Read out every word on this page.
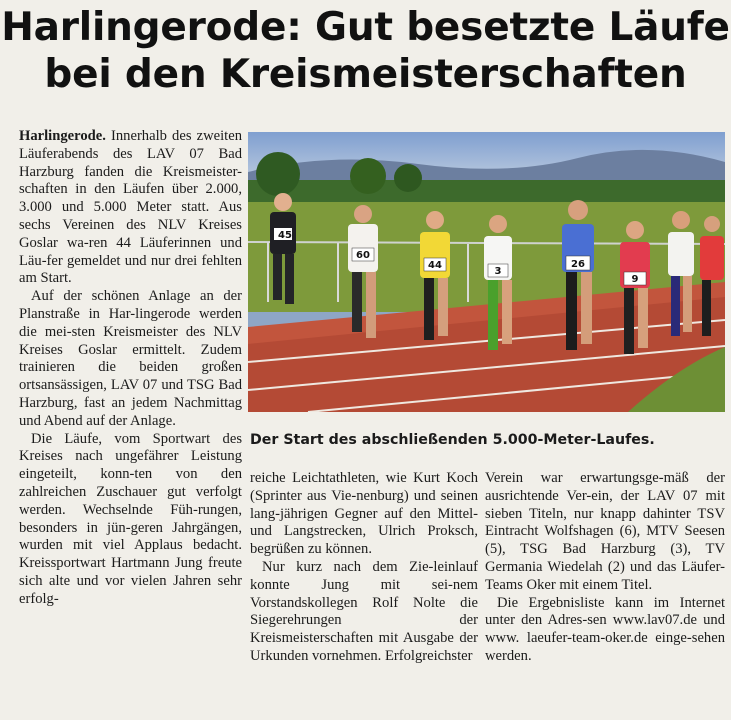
Harlingerode: Gut besetzte Läufe
bei den Kreismeisterschaften

Harlingerode. Innerhalb des zweiten Läuferabends des LAV 07 Bad Harzburg fanden die Kreismeister-schaften in den Läufen über 2.000, 3.000 und 5.000 Meter statt. Aus sechs Vereinen des NLV Kreises Goslar wa-ren 44 Läuferinnen und Läu-fer gemeldet und nur drei fehlten am Start.

Auf der schönen Anlage an der Planstraße in Har-lingerode werden die mei-sten Kreismeister des NLV Kreises Goslar ermittelt. Zudem trainieren die beiden großen ortsansässigen, LAV 07 und TSG Bad Harzburg, fast an jedem Nachmittag und Abend auf der Anlage.

Die Läufe, vom Sportwart des Kreises nach ungefährer Leistung eingeteilt, konn-ten von den zahlreichen Zuschauer gut verfolgt werden. Wechselnde Füh-rungen, besonders in jün-geren Jahrgängen, wurden mit viel Applaus bedacht. Kreissportwart Hartmann Jung freute sich alte und vor vielen Jahren sehr erfolg-

45
60
44
3
26
9
Der Start des abschließenden 5.000-Meter-Laufes.

reiche Leichtathleten, wie Kurt Koch (Sprinter aus Vie-nenburg) und seinen lang-jährigen Gegner auf den Mittel- und Langstrecken, Ulrich Proksch, begrüßen zu können.

Nur kurz nach dem Zie-leinlauf konnte Jung mit sei-nem Vorstandskollegen Rolf Nolte die Siegerehrungen der Kreismeisterschaften mit Ausgabe der Urkunden vornehmen. Erfolgreichster

Verein war erwartungsge-mäß der ausrichtende Ver-ein, der LAV 07 mit sieben Titeln, nur knapp dahinter TSV Eintracht Wolfshagen (6), MTV Seesen (5), TSG Bad Harzburg (3), TV Germania Wiedelah (2) und das Läufer-Teams Oker mit einem Titel.

Die Ergebnisliste kann im Internet unter den Adres-sen www.lav07.de und www. laeufer-team-oker.de einge-sehen werden.
